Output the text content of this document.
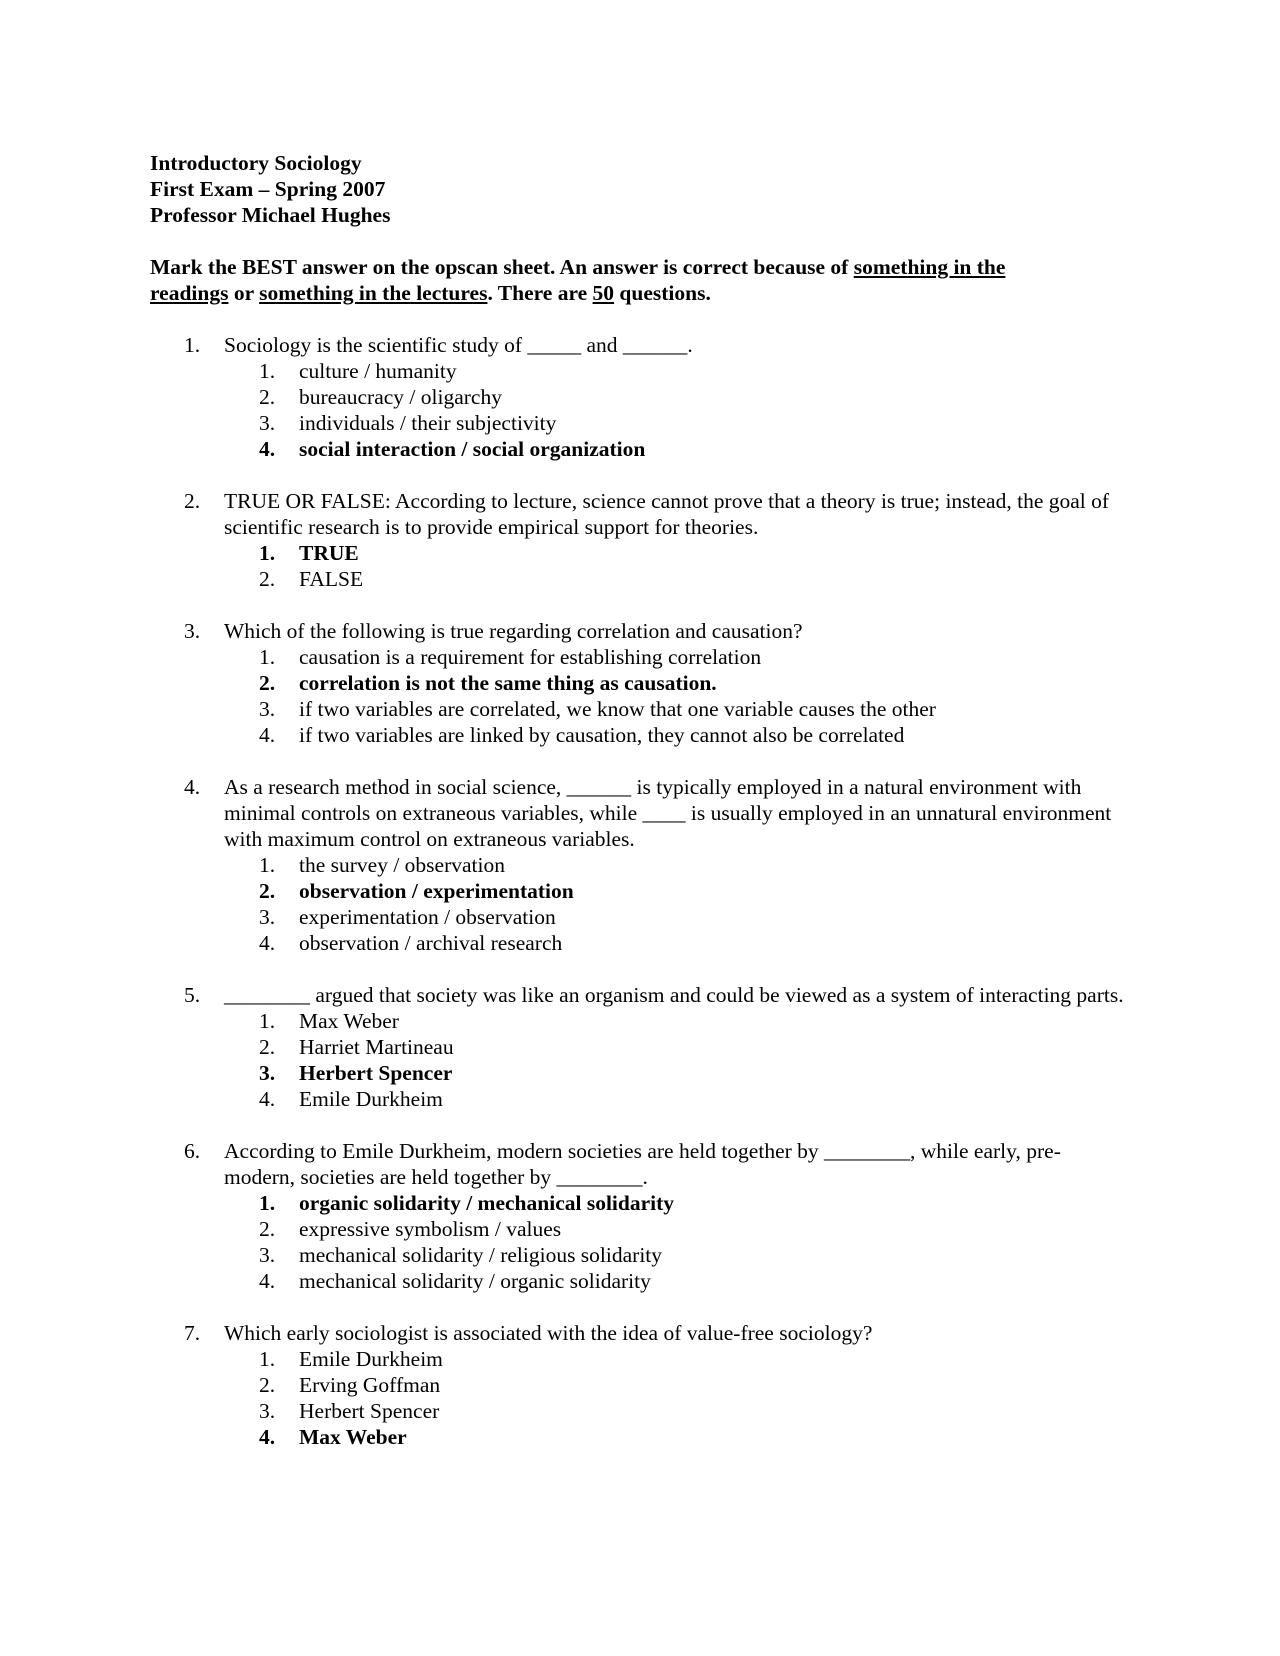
Introductory Sociology
First Exam – Spring 2007
Professor Michael Hughes
Mark the BEST answer on the opscan sheet. An answer is correct because of something in the readings or something in the lectures. There are 50 questions.
1. Sociology is the scientific study of _____ and ______.
1. culture / humanity
2. bureaucracy / oligarchy
3. individuals / their subjectivity
4. social interaction / social organization
2. TRUE OR FALSE: According to lecture, science cannot prove that a theory is true; instead, the goal of scientific research is to provide empirical support for theories.
1. TRUE
2. FALSE
3. Which of the following is true regarding correlation and causation?
1. causation is a requirement for establishing correlation
2. correlation is not the same thing as causation.
3. if two variables are correlated, we know that one variable causes the other
4. if two variables are linked by causation, they cannot also be correlated
4. As a research method in social science, ______ is typically employed in a natural environment with minimal controls on extraneous variables, while ____ is usually employed in an unnatural environment with maximum control on extraneous variables.
1. the survey / observation
2. observation / experimentation
3. experimentation / observation
4. observation / archival research
5. ________ argued that society was like an organism and could be viewed as a system of interacting parts.
1. Max Weber
2. Harriet Martineau
3. Herbert Spencer
4. Emile Durkheim
6. According to Emile Durkheim, modern societies are held together by ________, while early, pre-modern, societies are held together by ________.
1. organic solidarity / mechanical solidarity
2. expressive symbolism / values
3. mechanical solidarity / religious solidarity
4. mechanical solidarity / organic solidarity
7. Which early sociologist is associated with the idea of value-free sociology?
1. Emile Durkheim
2. Erving Goffman
3. Herbert Spencer
4. Max Weber
